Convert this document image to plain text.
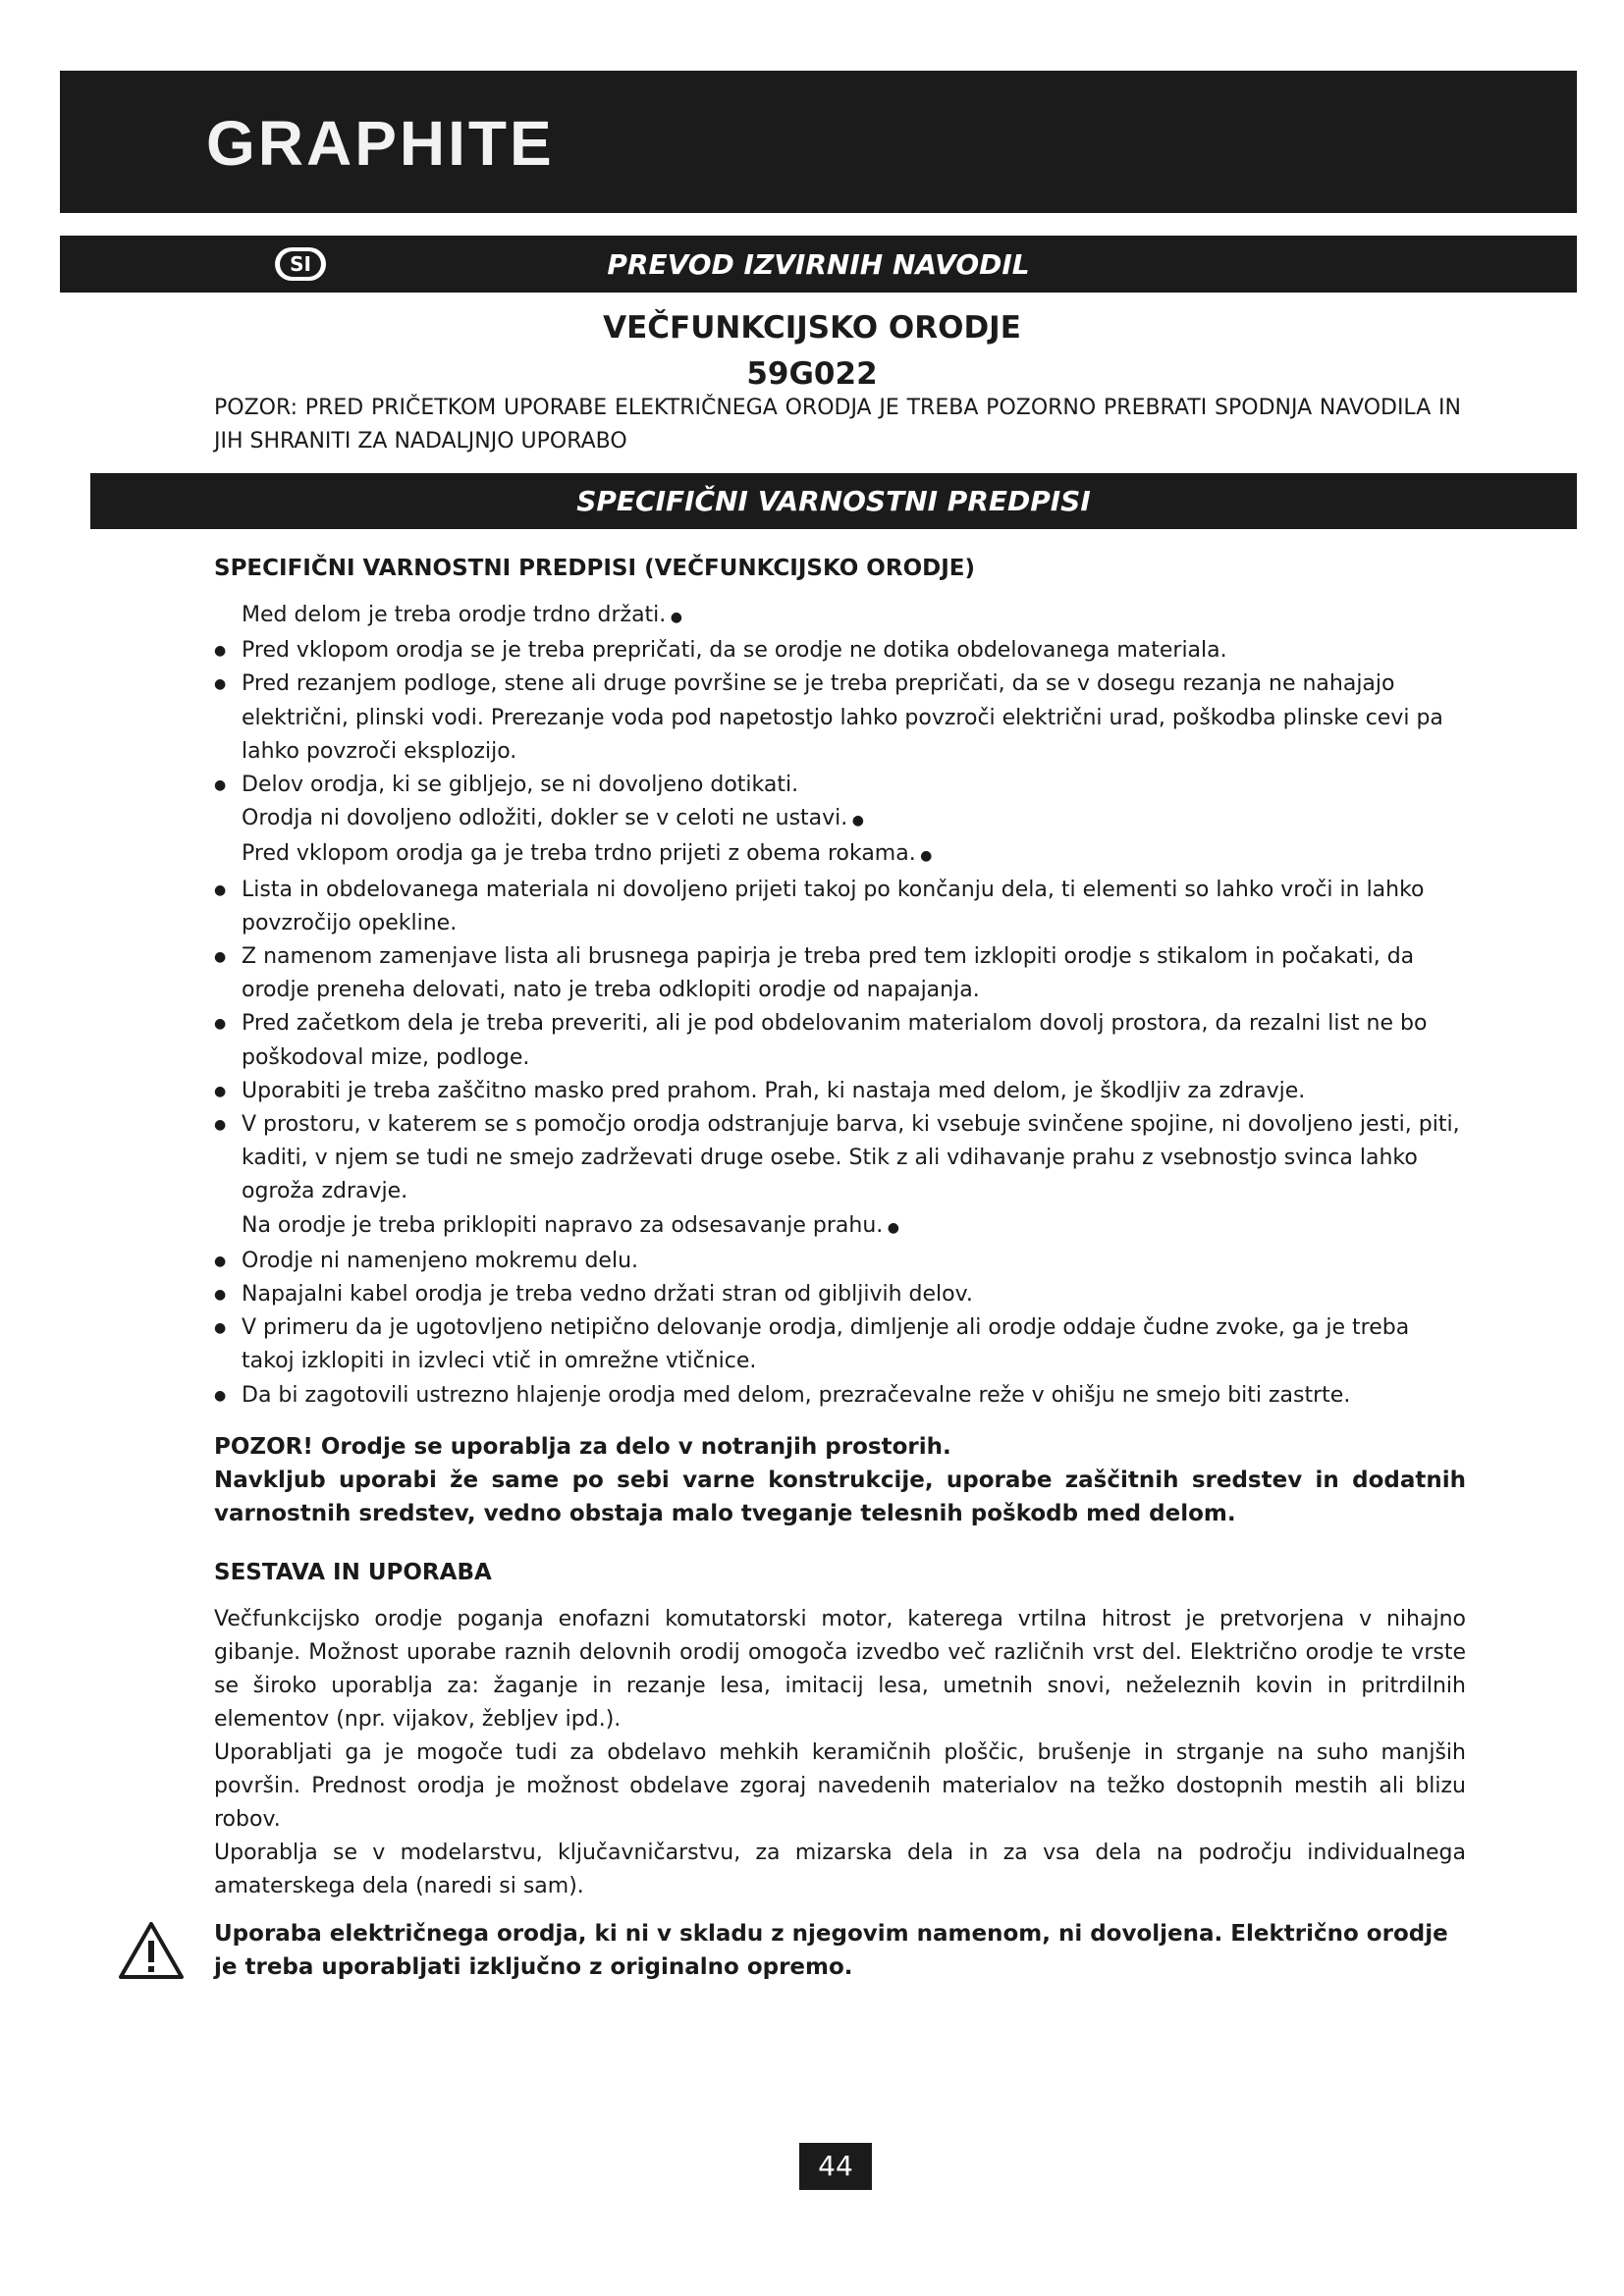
GRAPHITE
SI	PREVOD IZVIRNIH NAVODIL
VEČFUNKCIJSKO ORODJE
59G022
POZOR: PRED PRIČETKOM UPORABE ELEKTRIČNEGA ORODJA JE TREBA POZORNO PREBRATI SPODNJA NAVODILA IN JIH SHRANITI ZA NADALJNJO UPORABO
SPECIFIČNI VARNOSTNI PREDPISI
SPECIFIČNI VARNOSTNI PREDPISI (VEČFUNKCIJSKO ORODJE)
Med delom je treba orodje trdno držati. ●
● Pred vklopom orodja se je treba prepričati, da se orodje ne dotika obdelovanega materiala.
● Pred rezanjem podloge, stene ali druge površine se je treba prepričati, da se v dosegu rezanja ne nahajajo električni, plinski vodi. Prerezanje voda pod napetostjo lahko povzroči električni urad, poškodba plinske cevi pa lahko povzroči eksplozijo.
● Delov orodja, ki se gibljejo, se ni dovoljeno dotikati.
Orodja ni dovoljeno odložiti, dokler se v celoti ne ustavi. ●
Pred vklopom orodja ga je treba trdno prijeti z obema rokama. ●
● Lista in obdelovanega materiala ni dovoljeno prijeti takoj po končanju dela, ti elementi so lahko vroči in lahko povzročijo opekline.
● Z namenom zamenjave lista ali brusnega papirja je treba pred tem izklopiti orodje s stikalom in počakati, da orodje preneha delovati, nato je treba odklopiti orodje od napajanja.
● Pred začetkom dela je treba preveriti, ali je pod obdelovanim materialom dovolj prostora, da rezalni list ne bo poškodoval mize, podloge.
● Uporabiti je treba zaščitno masko pred prahom. Prah, ki nastaja med delom, je škodljiv za zdravje.
● V prostoru, v katerem se s pomočjo orodja odstranjuje barva, ki vsebuje svinčene spojine, ni dovoljeno jesti, piti, kaditi, v njem se tudi ne smejo zadrževati druge osebe. Stik z ali vdihavanje prahu z vsebnostjo svinca lahko ogroža zdravje.
Na orodje je treba priklopiti napravo za odsesavanje prahu. ●
● Orodje ni namenjeno mokremu delu.
● Napajalni kabel orodja je treba vedno držati stran od gibljivih delov.
● V primeru da je ugotovljeno netipično delovanje orodja, dimljenje ali orodje oddaje čudne zvoke, ga je treba takoj izklopiti in izvleci vtič in omrežne vtičnice.
● Da bi zagotovili ustrezno hlajenje orodja med delom, prezračevalne reže v ohišju ne smejo biti zastrte.
POZOR! Orodje se uporablja za delo v notranjih prostorih.
Navkljub uporabi že same po sebi varne konstrukcije, uporabe zaščitnih sredstev in dodatnih varnostnih sredstev, vedno obstaja malo tveganje telesnih poškodb med delom.
SESTAVA IN UPORABA

Večfunkcijsko orodje poganja enofazni komutatorski motor, katerega vrtilna hitrost je pretvorjena v nihajno gibanje. Možnost uporabe raznih delovnih orodij omogoča izvedbo več različnih vrst del. Električno orodje te vrste se široko uporablja za: žaganje in rezanje lesa, imitacij lesa, umetnih snovi, neželeznih kovin in pritrdilnih elementov (npr. vijakov, žebljev ipd.).

Uporabljati ga je mogoče tudi za obdelavo mehkih keramičnih ploščic, brušenje in strganje na suho manjših površin. Prednost orodja je možnost obdelave zgoraj navedenih materialov na težko dostopnih mestih ali blizu robov.

Uporablja se v modelarstvu, ključavničarstvu, za mizarska dela in za vsa dela na področju individualnega amaterskega dela (naredi si sam).

Uporaba električnega orodja, ki ni v skladu z njegovim namenom, ni dovoljena. Električno orodje je treba uporabljati izključno z originalno opremo.
44
